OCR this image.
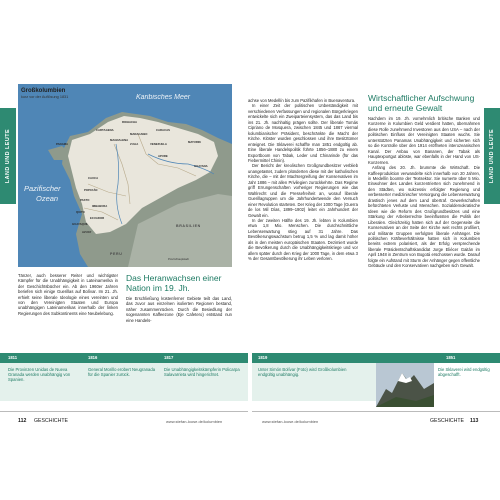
LAND UND LEUTE	LAND UND LEUTE
Großkolumbien
kurz vor der Auflösung 1831	Karibisches Meer
Pazifischer
Ozean
PANAMA
CARTAGENA
RIOHACHA
MARACAIBO
CARACAS
MAGDALENA
ZULIA	VENEZUELA	MATURIN
APURE
CAUCA
POPAYÁN
PASTO
QUITO
ECUADOR
GUAYAQUIL
AZUAY
IMBABURA
PERU
BRASILIEN
GUAYANA
Provinzhauptstadt
Tänzer, auch besserer Reiter und wichtigster Kämpfer für die Unabhängigkeit in Lateinamerika in der Geschichtsbücher ein. Ab den 1960er Jahren beriefen sich einige Guerillas auf Bolívar. Im 21. Jh. erhielt seine liberale Ideologie eines vereinten und von den Vereinigten Staaten und Europa unabhängigen Lateinamerikas innerhalb der linken Regierungen des Subkontinents eine Neubelebung.
Das Heranwachsen einer Nation im 19. Jh.

Die Erschließung küstenferner Gebiete teilt das Land, das zuvor aus einzelnen isolierten Regionen bestand, näher zusammenrücken. Durch die Besiedlung der sogenannten Kaffeezone (Eje Cafetero) entstand nun eine Handels-

achse von Medellín bis zum Pazifikhafen in Buenaventura.

In einer Zeit der politischen Unbeständigkeit mit verschiedenen Verfassungen und regionalen Bürgerkriegen entwickelte sich ein Zweiparteiensystem, das das Land bis ins 21. Jh. nachhaltig prägen sollte. Der liberale Tomás Cipriano de Mosquera, zwischen 1845 und 1867 viermal kolumbianischer Präsident, beschränkte die Macht der Kirche. Klöster wurden geschlossen und ihre Besitztümer enteignet. Die Sklaverei schaffte man 1851 endgültig ab. Eine liberale Handelspolitik führte 1856–1880 zu einem Exportboom von Tabak, Leder und Chinarinde (für das Fiebermittel Chinin).

Der Bericht der kreolischen Großgrundbesitzer verblieb unangetastet, zudem plünderten diese mit der katholischen Kirche, die – mit der Machtergreifung der Konservativen im Jahr 1886 – mit allen Privilegien zurückkehrte. Das Regime griff Errungenschaften vorheriger Regierungen wie das Wahlrecht und die Pressefreiheit an, worauf liberale Guerillagruppen um die Jahrhundertwende den Versuch einer Revolution starteten. Der Krieg der 1000 Tage (Guerra de los Mil Días, 1899–1902) leitet ein Jahrhundert der Gewalt ein.

In der zweiten Hälfte des 19. Jh. lebten in Kolumbien etwa 1,8 Mio. Menschen. Die durchschnittliche Lebenserwartung stieg auf 31 Jahre. Das Bevölkerungswachstum betrug 1,5 % und lag damit höher als in den meisten europäischen Staaten. Dezimiert wurde die Bevölkerung durch die Unabhängigkeitskriege und vor allem später durch den Krieg der 1000 Tage, in dem etwa 3 % der Gesamtbevölkerung ihr Leben verloren.

Wirtschaftlicher Aufschwung und erneute Gewalt

Nachdem im 19. Jh. vornehmlich britische Banken und Konzerne in Kolumbien Geld verdient hatten, übernahmen diese Rolle zunehmend Investoren aus den USA – nach der politischen Einfluss der Vereinigten Staaten wuchs. Sie unterstützten Panamas Unabhängigkeit und sicherten sich so die Kontrolle über den 1914 eröffneten interozeanischen Kanal. Der Anbau von Bananen, der Tabak als Hauptexportgut ablöste, war ebenfalls in der Hand von US-Konzernen.

Anfang des 20. Jh. brummte die Wirtschaft. Die Kaffeeproduktion verwandelte sich innerhalb von 20 Jahren, in Medellín boomte der Textsektor. Sie numerte über 5 Mio. Einwohner des Landes konzentrierten sich zunehmend in den Städten, wo sukzessiv erfolgter Regierung und verbesserter medizinischer Versorgung die Lebenserwartung drastisch jenes auf dem Land übertraf. Gewerkschaften befürchteten Verluste und Menschen. Sozialdemokratische Ideen wie die Reform des Großgrundbesitzes und eine Stärkung der Arbeiterrechte beeinflussten die Politik der Liberalen. Gleichzeitig hatten sich auf der Gegenseite die Konservativen an der Seite der Kirche weit rechts profiliert, und militante Gruppen verfolgten liberale Anhänger. Die politischen Kräfteverhältnisse hatten sich in Kolumbien bereits extrem polarisiert, als der Erfolg versprechende liberale Präsidentschaftskandidat Jorge Eliécer Gaitán im April 1948 in Zentrum von Bogotá erschossen wurde. Darauf folgte ein Aufstand mit Sturm der Anhänger gegen öffentliche Gebäude und den Konservativen nachgeben sich Gewalt.

1811
Die Provinzen Unidas de Nueva Granada werden unabhängig von Spanien.
1816
General Morillo erobert Neugranada für die Spanier zurück.
1817
Die Unabhängigkeitskämpferin Policarpa Salavarrieta wird hingerichtet.
1819
Unter Simón Bolívar (Foto) wird Großkolumbien endgültig unabhängig.
1851
Die Sklaverei wird endgültig abgeschafft.
112 GESCHICHTE	www.stefan-loose.de/kolumbien	www.stefan-loose.de/kolumbien	GESCHICHTE 113
